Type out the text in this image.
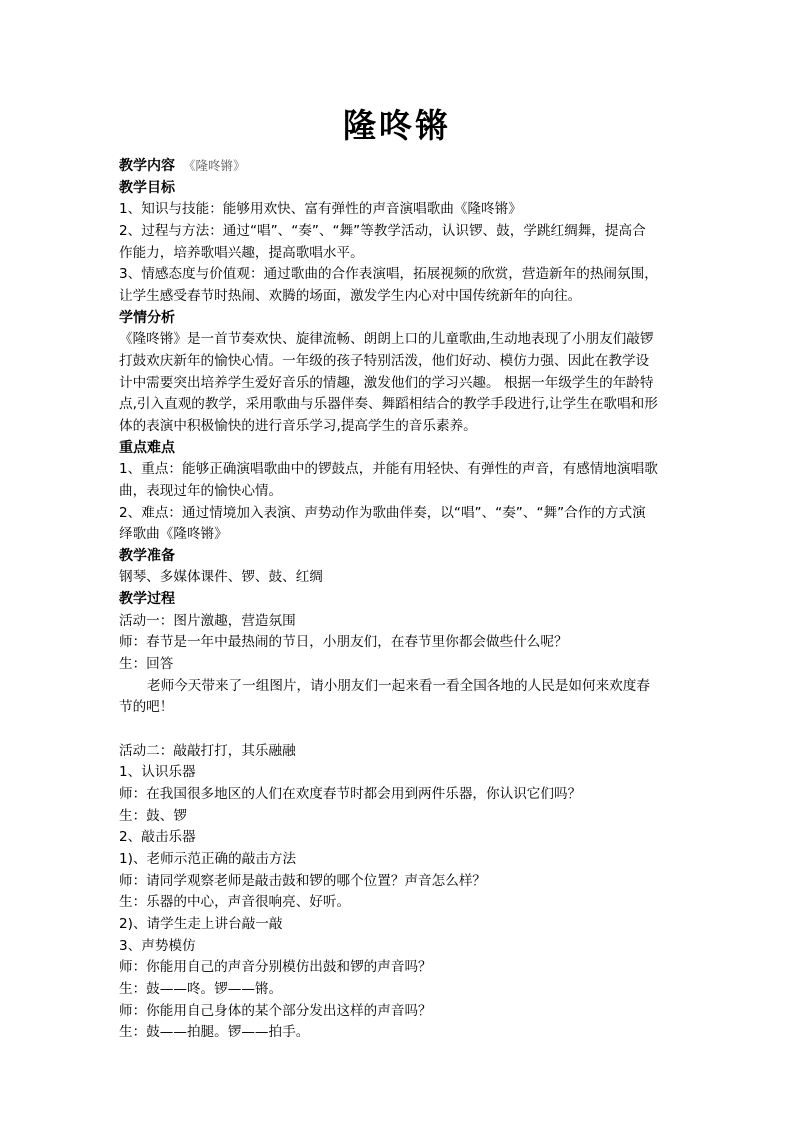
隆咚锵

教学内容 《隆咚锵》

教学目标

1、知识与技能：能够用欢快、富有弹性的声音演唱歌曲《隆咚锵》

2、过程与方法：通过“唱”、“奏”、“舞”等教学活动，认识锣、鼓，学跳红绸舞，提高合

作能力，培养歌唱兴趣，提高歌唱水平。

3、情感态度与价值观：通过歌曲的合作表演唱，拓展视频的欣赏，营造新年的热闹氛围，

让学生感受春节时热闹、欢腾的场面，激发学生内心对中国传统新年的向往。

学情分析

《隆咚锵》是一首节奏欢快、旋律流畅、朗朗上口的儿童歌曲,生动地表现了小朋友们敲锣

打鼓欢庆新年的愉快心情。一年级的孩子特别活泼，他们好动、模仿力强、因此在教学设

计中需要突出培养学生爱好音乐的情趣，激发他们的学习兴趣。 根据一年级学生的年龄特

点,引入直观的教学，采用歌曲与乐器伴奏、舞蹈相结合的教学手段进行,让学生在歌唱和形

体的表演中积极愉快的进行音乐学习,提高学生的音乐素养。

重点难点

1、重点：能够正确演唱歌曲中的锣鼓点，并能有用轻快、有弹性的声音，有感情地演唱歌

曲，表现过年的愉快心情。

2、难点：通过情境加入表演、声势动作为歌曲伴奏，以“唱”、“奏”、“舞”合作的方式演

绎歌曲《隆咚锵》

教学准备

钢琴、多媒体课件、锣、鼓、红绸

教学过程

活动一：图片激趣，营造氛围

师：春节是一年中最热闹的节日，小朋友们，在春节里你都会做些什么呢？

生：回答

老师今天带来了一组图片，请小朋友们一起来看一看全国各地的人民是如何来欢度春

节的吧！

活动二：敲敲打打，其乐融融

1、认识乐器

师：在我国很多地区的人们在欢度春节时都会用到两件乐器，你认识它们吗？

生：鼓、锣

2、敲击乐器

1)、老师示范正确的敲击方法

师：请同学观察老师是敲击鼓和锣的哪个位置？声音怎么样？

生：乐器的中心，声音很响亮、好听。

2)、请学生走上讲台敲一敲

3、声势模仿

师：你能用自己的声音分别模仿出鼓和锣的声音吗？

生：鼓——咚。锣——锵。

师：你能用自己身体的某个部分发出这样的声音吗？

生：鼓——拍腿。锣——拍手。
